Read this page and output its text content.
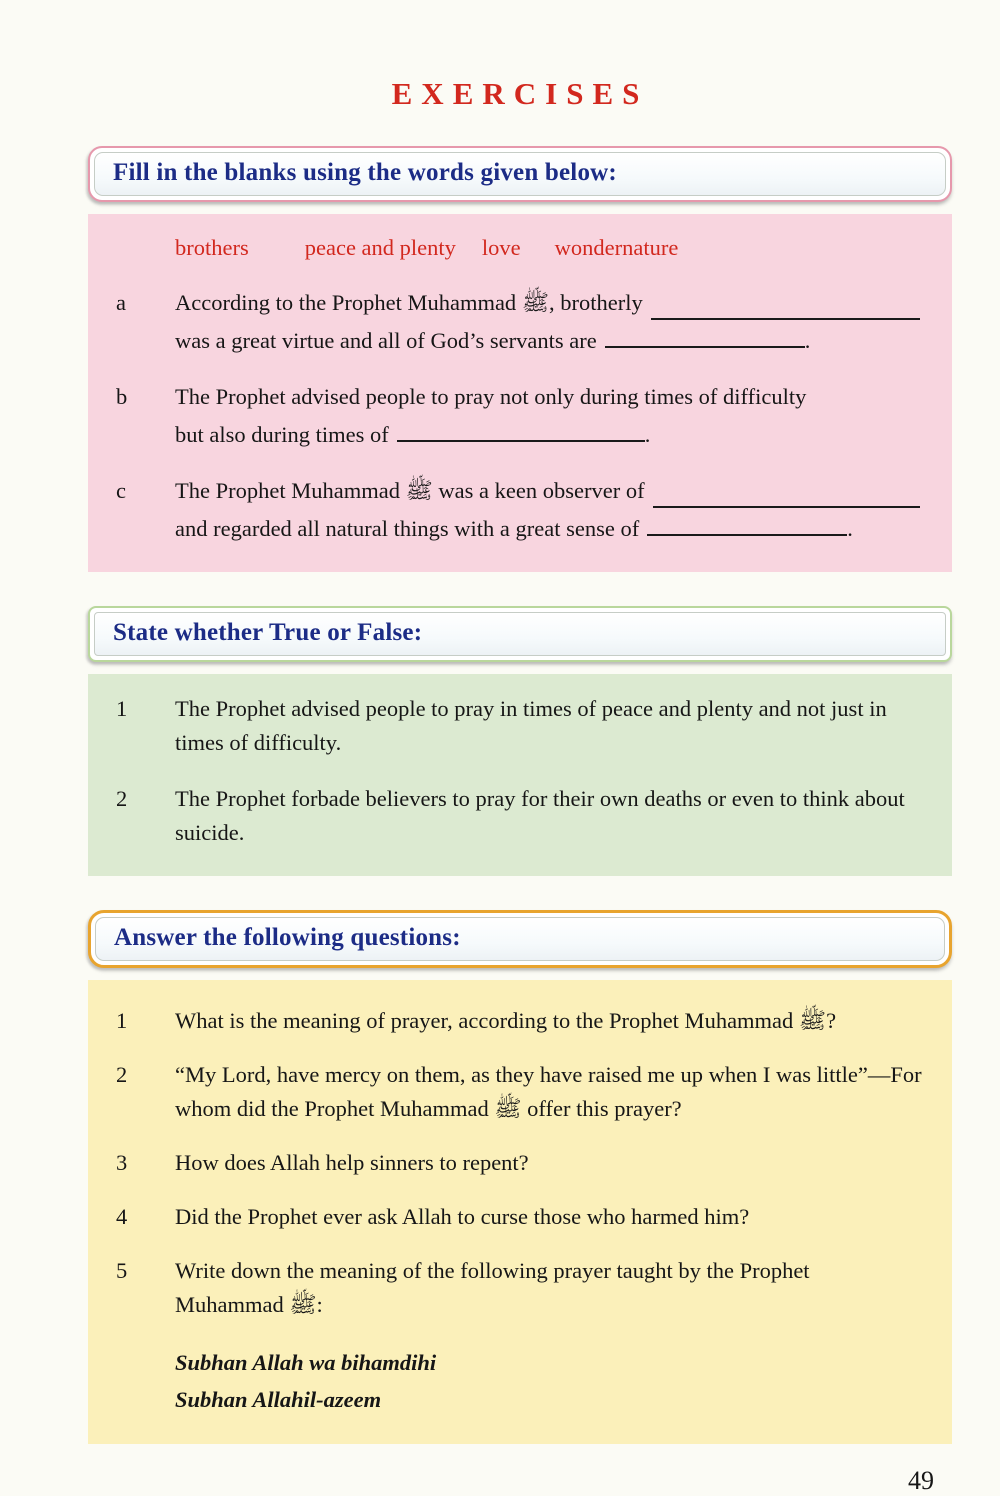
EXERCISES
Fill in the blanks using the words given below:
brothers peace and plenty love wondernature
a	According to the Prophet Muhammad ﷺ, brotherly
was a great virtue and all of God’s servants are	.
b	The Prophet advised people to pray not only during times of difficulty
but also during times of	.
c	The Prophet Muhammad ﷺ was a keen observer of
and regarded all natural things with a great sense of	.
State whether True or False:
1	The Prophet advised people to pray in times of peace and plenty and not just in times of difficulty.
2	The Prophet forbade believers to pray for their own deaths or even to think about suicide.
Answer the following questions:
1	What is the meaning of prayer, according to the Prophet Muhammad ﷺ?
2	“My Lord, have mercy on them, as they have raised me up when I was little”—For whom did the Prophet Muhammad ﷺ offer this prayer?
3	How does Allah help sinners to repent?
4	Did the Prophet ever ask Allah to curse those who harmed him?
5	Write down the meaning of the following prayer taught by the Prophet Muhammad ﷺ:
Subhan Allah wa bihamdihi
Subhan Allahil-azeem
49
